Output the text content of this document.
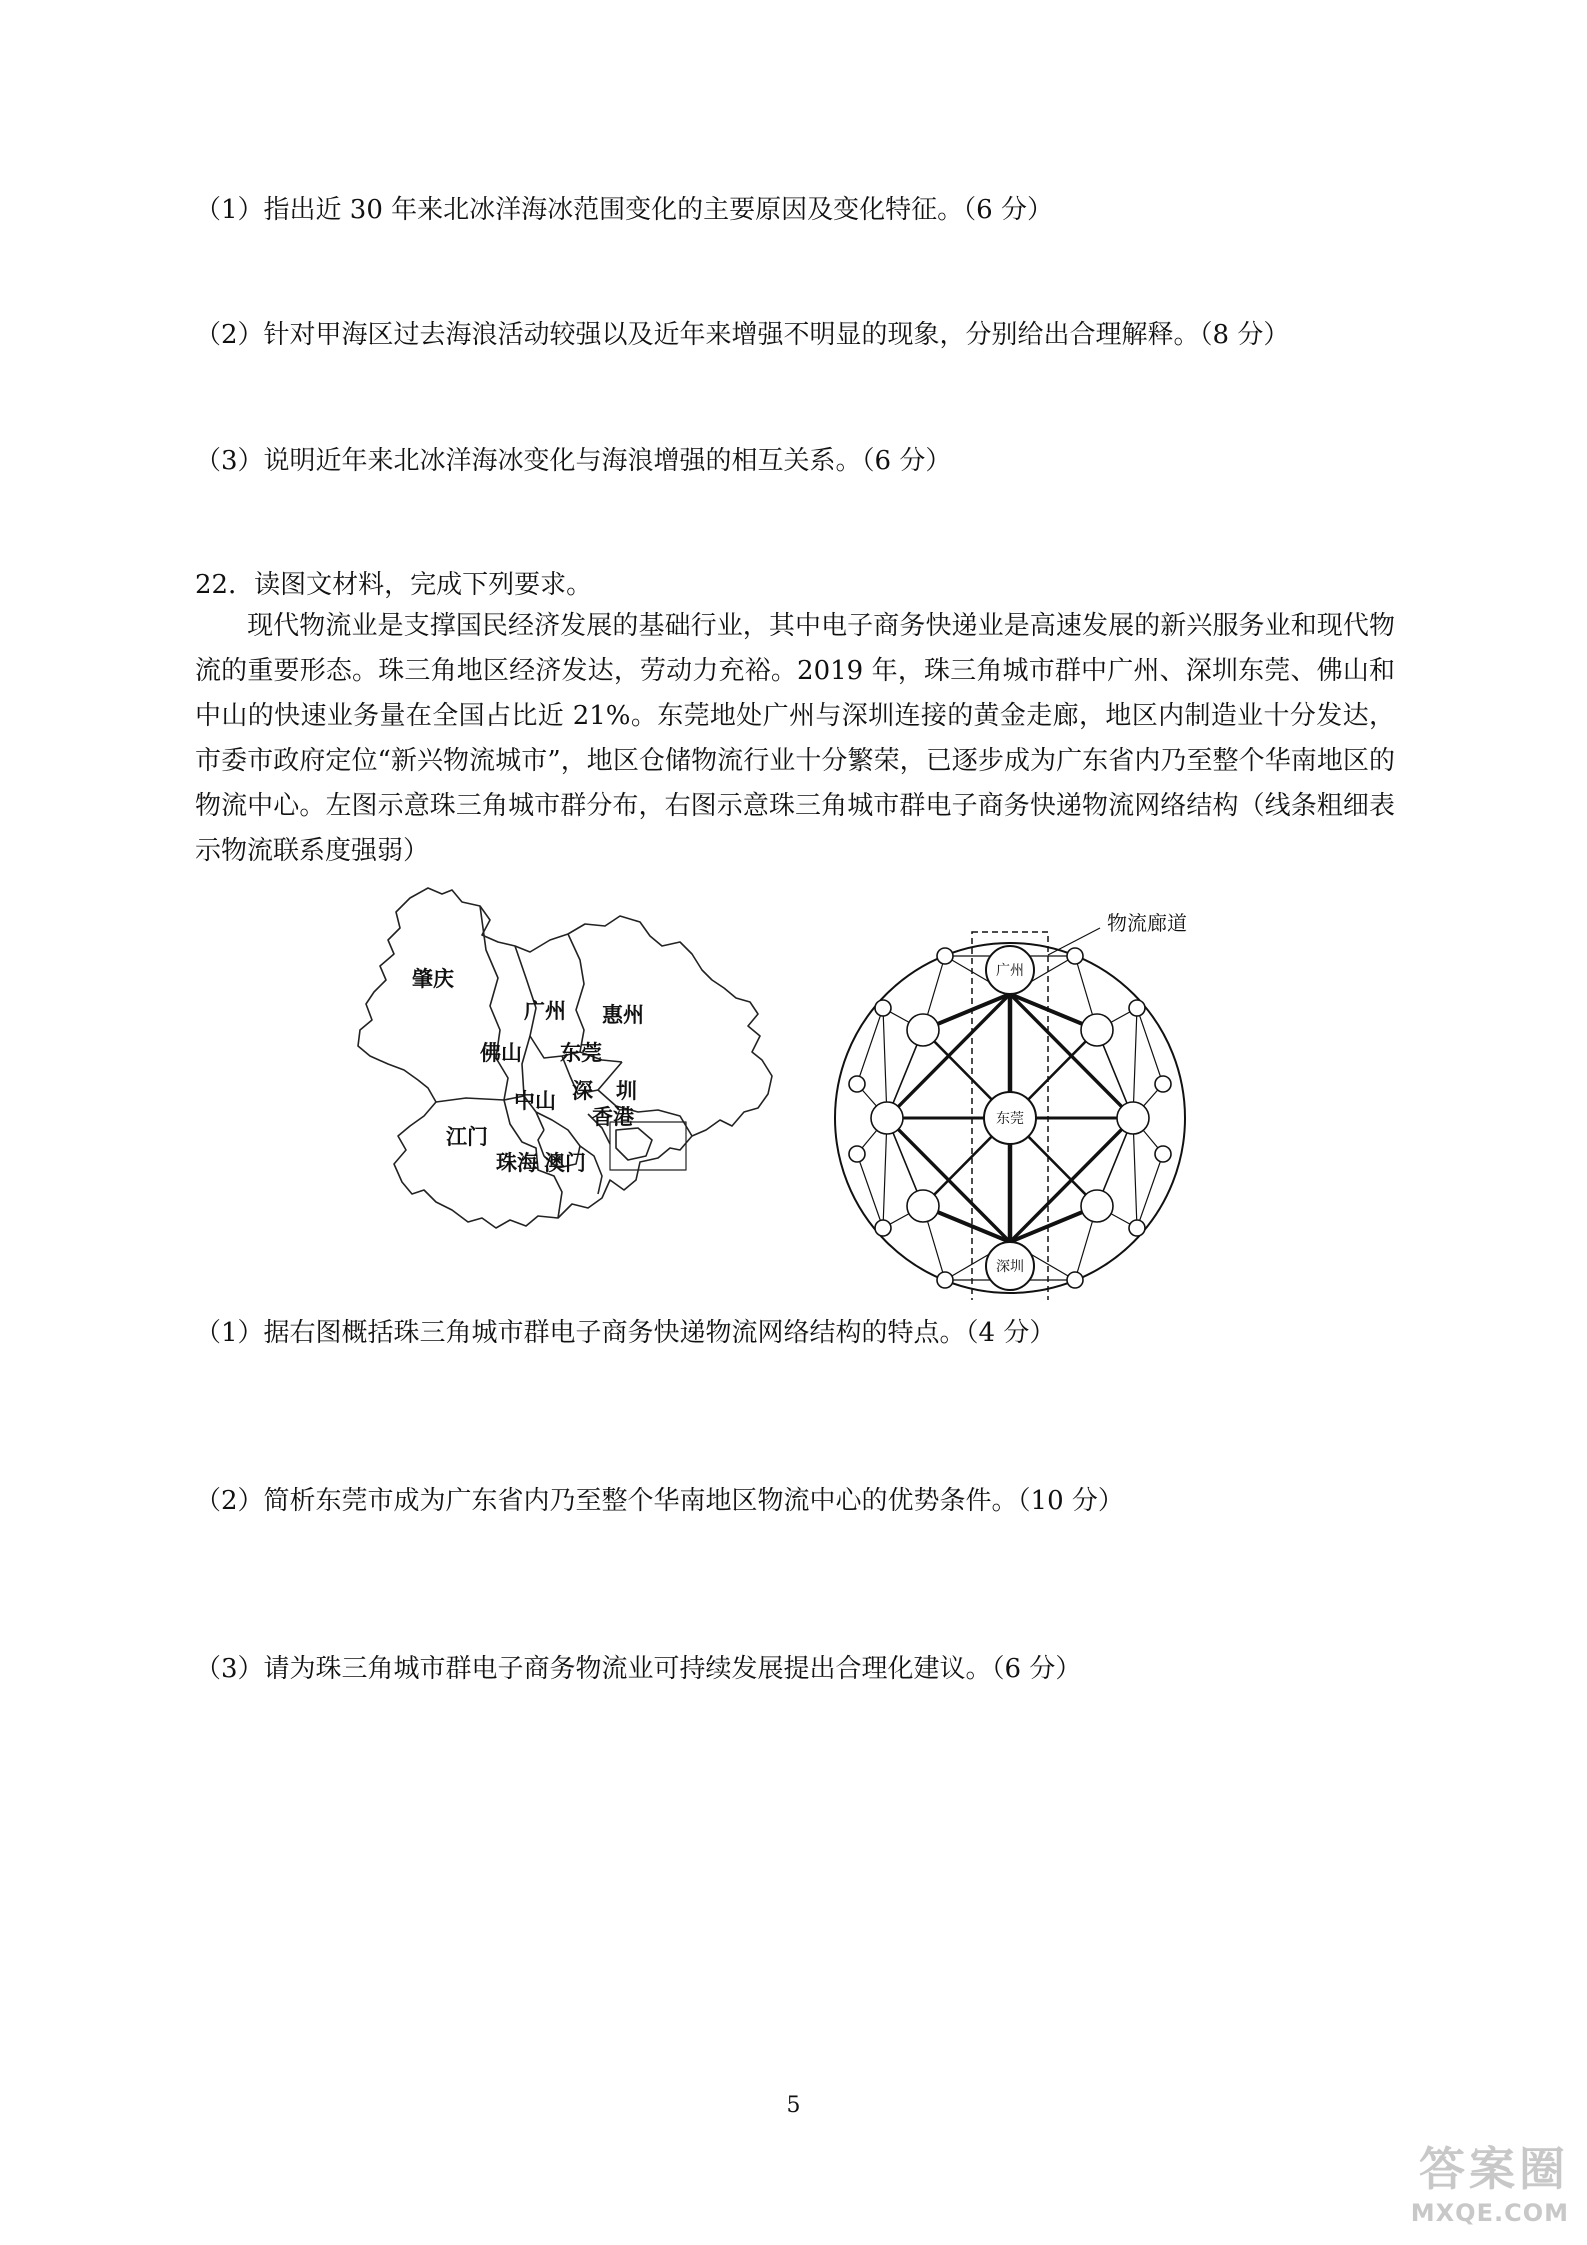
（1）指出近 30 年来北冰洋海冰范围变化的主要原因及变化特征。（6 分）
（2）针对甲海区过去海浪活动较强以及近年来增强不明显的现象，分别给出合理解释。（8 分）
（3）说明近年来北冰洋海冰变化与海浪增强的相互关系。（6 分）
22．读图文材料，完成下列要求。
现代物流业是支撑国民经济发展的基础行业，其中电子商务快递业是高速发展的新兴服务业和现代物流的重要形态。珠三角地区经济发达，劳动力充裕。2019 年，珠三角城市群中广州、深圳东莞、佛山和中山的快速业务量在全国占比近 21%。东莞地处广州与深圳连接的黄金走廊，地区内制造业十分发达，市委市政府定位“新兴物流城市”，地区仓储物流行业十分繁荣，已逐步成为广东省内乃至整个华南地区的物流中心。左图示意珠三角城市群分布，右图示意珠三角城市群电子商务快递物流网络结构（线条粗细表示物流联系度强弱）
肇庆
广州 惠州
佛山 东莞
中山 深 圳
香港
江门
珠海 澳门
物流廊道
广州
东莞
深圳
（1）据右图概括珠三角城市群电子商务快递物流网络结构的特点。（4 分）
（2）简析东莞市成为广东省内乃至整个华南地区物流中心的优势条件。（10 分）
（3）请为珠三角城市群电子商务物流业可持续发展提出合理化建议。（6 分）
5
答案圈
MXQE.COM
